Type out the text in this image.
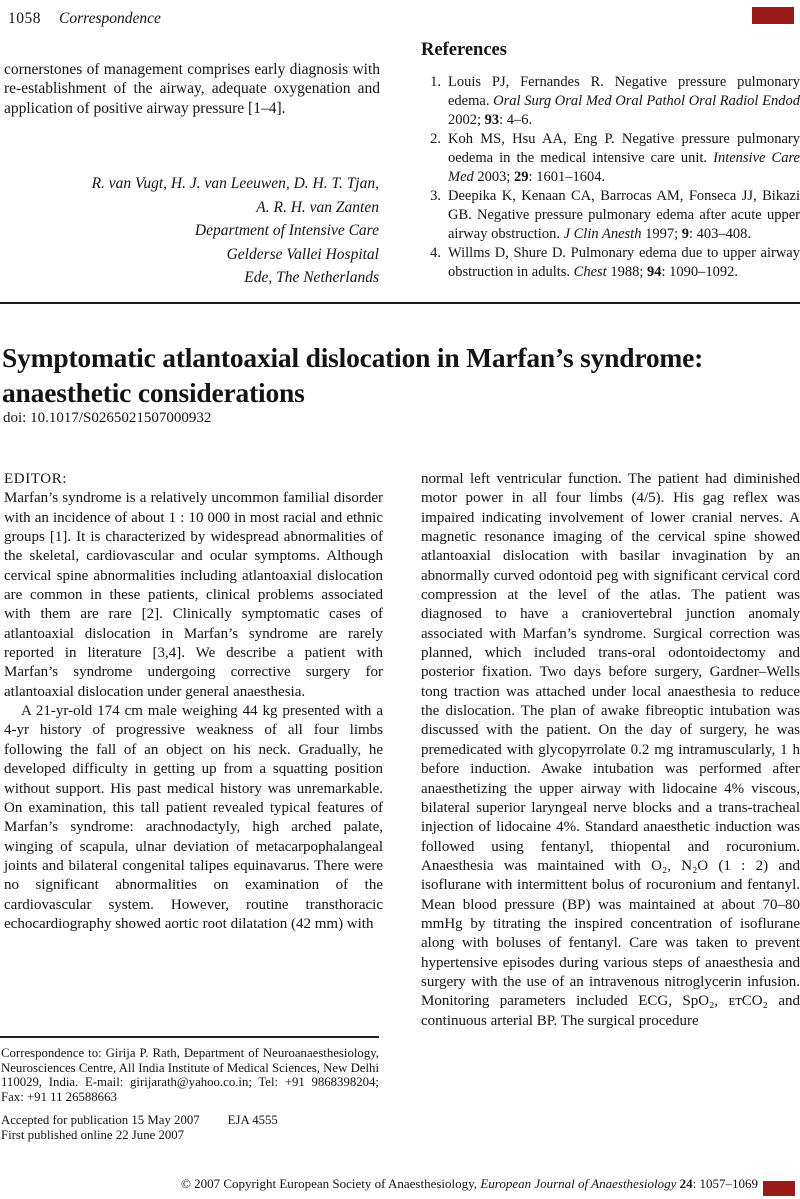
1058 Correspondence

cornerstones of management comprises early diagnosis with re-establishment of the airway, adequate oxygenation and application of positive airway pressure [1–4].

R. van Vugt, H. J. van Leeuwen, D. H. T. Tjan,
A. R. H. van Zanten
Department of Intensive Care
Gelderse Vallei Hospital
Ede, The Netherlands
References
1. Louis PJ, Fernandes R. Negative pressure pulmonary edema. Oral Surg Oral Med Oral Pathol Oral Radiol Endod 2002; 93: 4–6.
2. Koh MS, Hsu AA, Eng P. Negative pressure pulmonary oedema in the medical intensive care unit. Intensive Care Med 2003; 29: 1601–1604.
3. Deepika K, Kenaan CA, Barrocas AM, Fonseca JJ, Bikazi GB. Negative pressure pulmonary edema after acute upper airway obstruction. J Clin Anesth 1997; 9: 403–408.
4. Willms D, Shure D. Pulmonary edema due to upper airway obstruction in adults. Chest 1988; 94: 1090–1092.
Symptomatic atlantoaxial dislocation in Marfan’s syndrome: anaesthetic considerations
doi: 10.1017/S0265021507000932
EDITOR:

Marfan’s syndrome is a relatively uncommon familial disorder with an incidence of about 1 : 10 000 in most racial and ethnic groups [1]. It is characterized by widespread abnormalities of the skeletal, cardiovascular and ocular symptoms. Although cervical spine abnormalities including atlantoaxial dislocation are common in these patients, clinical problems associated with them are rare [2]. Clinically symptomatic cases of atlantoaxial dislocation in Marfan’s syndrome are rarely reported in literature [3,4]. We describe a patient with Marfan’s syndrome undergoing corrective surgery for atlantoaxial dislocation under general anaesthesia.

A 21-yr-old 174 cm male weighing 44 kg presented with a 4-yr history of progressive weakness of all four limbs following the fall of an object on his neck. Gradually, he developed difficulty in getting up from a squatting position without support. His past medical history was unremarkable. On examination, this tall patient revealed typical features of Marfan’s syndrome: arachnodactyly, high arched palate, winging of scapula, ulnar deviation of metacarpophalangeal joints and bilateral congenital talipes equinavarus. There were no significant abnormalities on examination of the cardiovascular system. However, routine transthoracic echocardiography showed aortic root dilatation (42 mm) with

normal left ventricular function. The patient had diminished motor power in all four limbs (4/5). His gag reflex was impaired indicating involvement of lower cranial nerves. A magnetic resonance imaging of the cervical spine showed atlantoaxial dislocation with basilar invagination by an abnormally curved odontoid peg with significant cervical cord compression at the level of the atlas. The patient was diagnosed to have a craniovertebral junction anomaly associated with Marfan’s syndrome. Surgical correction was planned, which included trans-oral odontoidectomy and posterior fixation. Two days before surgery, Gardner–Wells tong traction was attached under local anaesthesia to reduce the dislocation. The plan of awake fibreoptic intubation was discussed with the patient. On the day of surgery, he was premedicated with glycopyrrolate 0.2 mg intramuscularly, 1 h before induction. Awake intubation was performed after anaesthetizing the upper airway with lidocaine 4% viscous, bilateral superior laryngeal nerve blocks and a trans-tracheal injection of lidocaine 4%. Standard anaesthetic induction was followed using fentanyl, thiopental and rocuronium. Anaesthesia was maintained with O₂, N₂O (1 : 2) and isoflurane with intermittent bolus of rocuronium and fentanyl. Mean blood pressure (BP) was maintained at about 70–80 mmHg by titrating the inspired concentration of isoflurane along with boluses of fentanyl. Care was taken to prevent hypertensive episodes during various steps of anaesthesia and surgery with the use of an intravenous nitroglycerin infusion. Monitoring parameters included ECG, SpO₂, ᴇᴛCO₂ and continuous arterial BP. The surgical procedure

Correspondence to: Girija P. Rath, Department of Neuroanaesthesiology, Neurosciences Centre, All India Institute of Medical Sciences, New Delhi 110029, India. E-mail: girijarath@yahoo.co.in; Tel: +91 9868398204; Fax: +91 11 26588663

Accepted for publication 15 May 2007 EJA 4555
First published online 22 June 2007
© 2007 Copyright European Society of Anaesthesiology, European Journal of Anaesthesiology 24: 1057–1069
